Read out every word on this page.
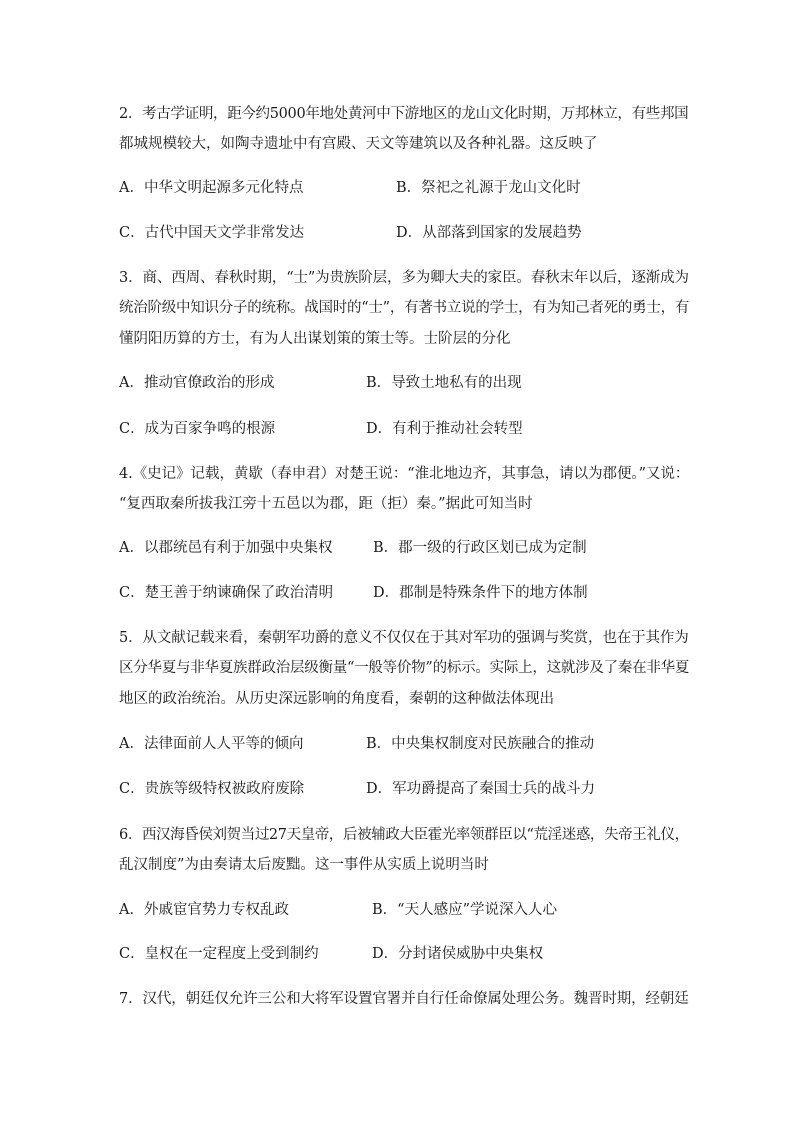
2．考古学证明，距今约5000年地处黄河中下游地区的龙山文化时期，万邦林立，有些邦国
都城规模较大，如陶寺遗址中有宫殿、天文等建筑以及各种礼器。这反映了
A．中华文明起源多元化特点	B．祭祀之礼源于龙山文化时
C．古代中国天文学非常发达	D．从部落到国家的发展趋势
3．商、西周、春秋时期，“士”为贵族阶层，多为卿大夫的家臣。春秋末年以后，逐渐成为
统治阶级中知识分子的统称。战国时的“士”，有著书立说的学士，有为知己者死的勇士，有
懂阴阳历算的方士，有为人出谋划策的策士等。士阶层的分化
A．推动官僚政治的形成	B．导致土地私有的出现
C．成为百家争鸣的根源	D．有利于推动社会转型
4.《史记》记载，黄歇（春申君）对楚王说：“淮北地边齐，其事急，请以为郡便。”又说：
“复西取秦所拔我江旁十五邑以为郡，距（拒）秦。”据此可知当时
A．以郡统邑有利于加强中央集权	B．郡一级的行政区划已成为定制
C．楚王善于纳谏确保了政治清明	D．郡制是特殊条件下的地方体制
5．从文献记载来看，秦朝军功爵的意义不仅仅在于其对军功的强调与奖赏，也在于其作为
区分华夏与非华夏族群政治层级衡量“一般等价物”的标示。实际上，这就涉及了秦在非华夏
地区的政治统治。从历史深远影响的角度看，秦朝的这种做法体现出
A．法律面前人人平等的倾向	B．中央集权制度对民族融合的推动
C．贵族等级特权被政府废除	D．军功爵提高了秦国士兵的战斗力
6．西汉海昏侯刘贺当过27天皇帝，后被辅政大臣霍光率领群臣以“荒淫迷惑，失帝王礼仪，
乱汉制度”为由奏请太后废黜。这一事件从实质上说明当时
A．外戚宦官势力专权乱政	B．“天人感应”学说深入人心
C．皇权在一定程度上受到制约	D．分封诸侯威胁中央集权
7．汉代，朝廷仅允许三公和大将军设置官署并自行任命僚属处理公务。魏晋时期，经朝廷
